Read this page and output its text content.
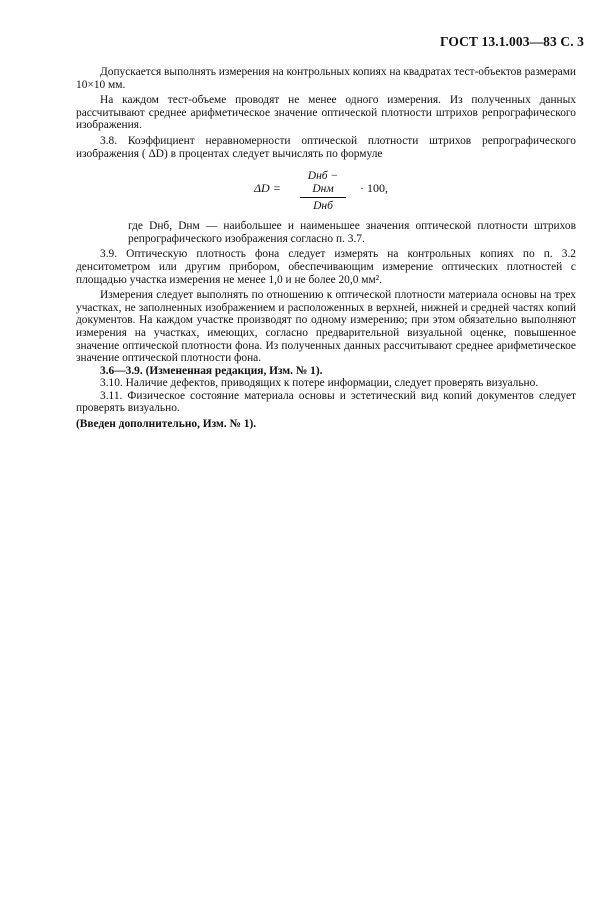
ГОСТ 13.1.003—83 С. 3

Допускается выполнять измерения на контрольных копиях на квадратах тест-объектов размерами 10×10 мм.

На каждом тест-объеме проводят не менее одного измерения. Из полученных данных рассчитывают среднее арифметическое значение оптической плотности штрихов репрографического изображения.

3.8. Коэффициент неравномерности оптической плотности штрихов репрографического изображения ( ΔD) в процентах следует вычислять по формуле

ΔD =
Dнб − Dнм
Dнб
· 100,

где Dнб, Dнм — наибольшее и наименьшее значения оптической плотности штрихов репрографического изображения согласно п. 3.7.

3.9. Оптическую плотность фона следует измерять на контрольных копиях по п. 3.2 денситометром или другим прибором, обеспечивающим измерение оптических плотностей с площадью участка измерения не менее 1,0 и не более 20,0 мм².

Измерения следует выполнять по отношению к оптической плотности материала основы на трех участках, не заполненных изображением и расположенных в верхней, нижней и средней частях копий документов. На каждом участке производят по одному измерению; при этом обязательно выполняют измерения на участках, имеющих, согласно предварительной визуальной оценке, повышенное значение оптической плотности фона. Из полученных данных рассчитывают среднее арифметическое значение оптической плотности фона.

3.6—3.9. (Измененная редакция, Изм. № 1).

3.10. Наличие дефектов, приводящих к потере информации, следует проверять визуально.

3.11. Физическое состояние материала основы и эстетический вид копий документов следует проверять визуально.

(Введен дополнительно, Изм. № 1).
